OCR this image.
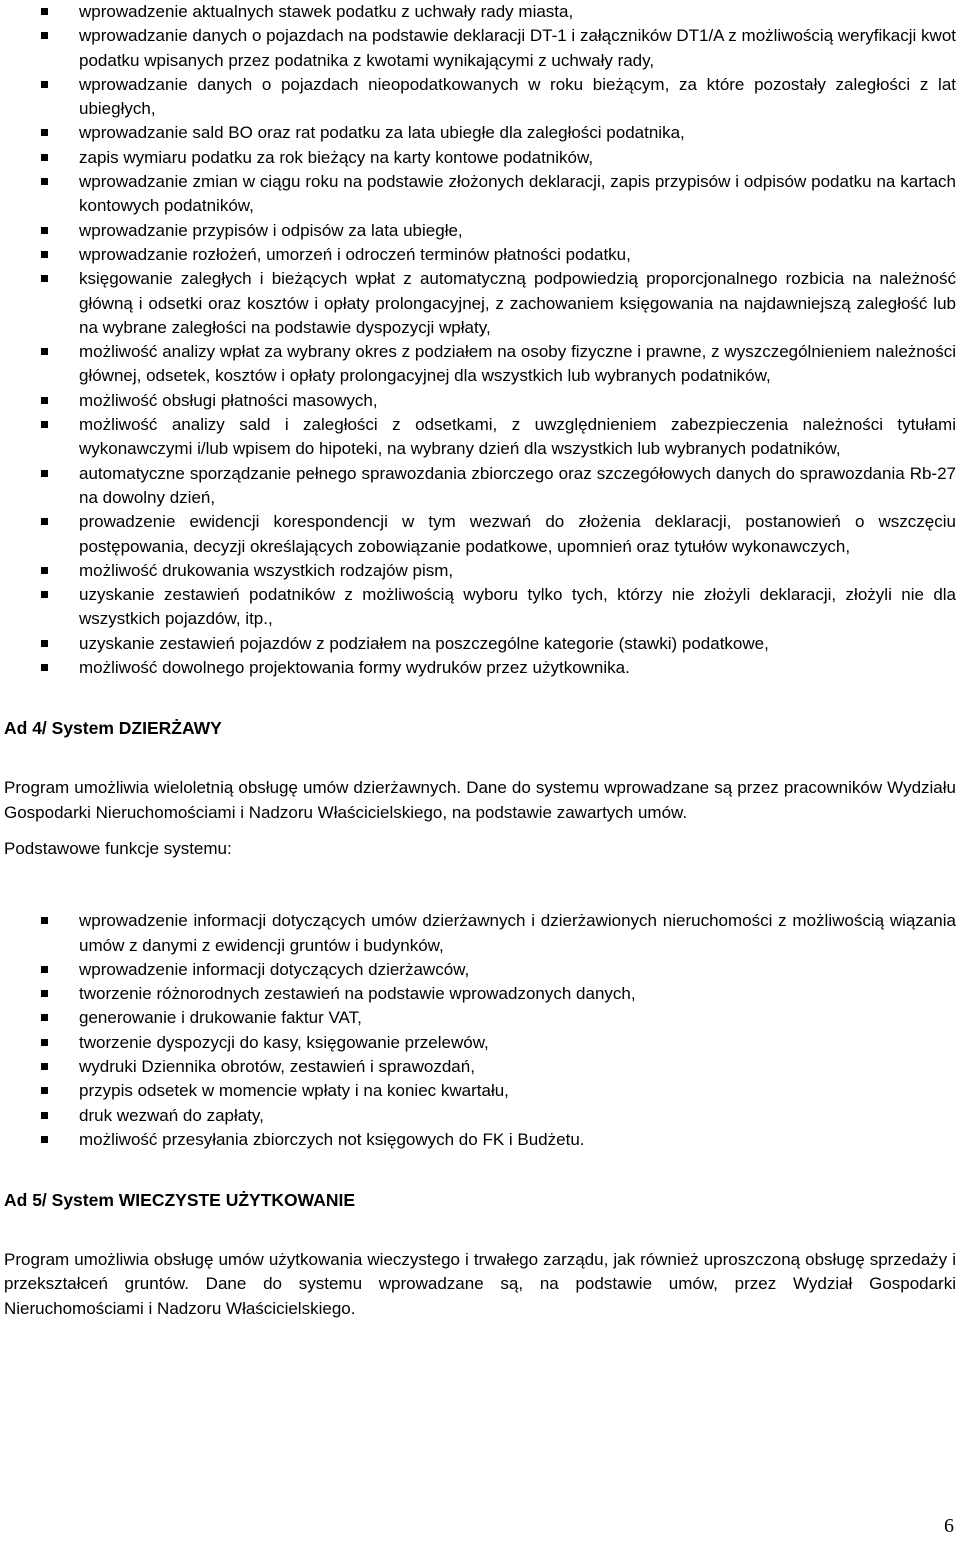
wprowadzenie aktualnych stawek podatku z uchwały rady miasta,
wprowadzanie danych o pojazdach na podstawie deklaracji DT-1 i załączników DT1/A z możliwością weryfikacji kwot podatku wpisanych przez podatnika z kwotami wynikającymi z uchwały rady,
wprowadzanie danych o pojazdach nieopodatkowanych w roku bieżącym, za które pozostały zaległości z lat ubiegłych,
wprowadzanie sald BO oraz rat podatku za lata ubiegłe dla zaległości podatnika,
zapis wymiaru podatku za rok bieżący na karty kontowe podatników,
wprowadzanie zmian w ciągu roku na podstawie złożonych deklaracji, zapis przypisów i odpisów podatku na kartach kontowych podatników,
wprowadzanie przypisów i odpisów za lata ubiegłe,
wprowadzanie rozłożeń, umorzeń i odroczeń terminów płatności podatku,
księgowanie zaległych i bieżących wpłat z automatyczną podpowiedzią proporcjonalnego rozbicia na należność główną i odsetki oraz kosztów i opłaty prolongacyjnej, z zachowaniem księgowania na najdawniejszą zaległość lub na wybrane zaległości na podstawie dyspozycji wpłaty,
możliwość analizy wpłat za wybrany okres z podziałem na osoby fizyczne i prawne, z wyszczególnieniem należności głównej, odsetek, kosztów i opłaty prolongacyjnej dla wszystkich lub wybranych podatników,
możliwość obsługi płatności masowych,
możliwość analizy sald i zaległości z odsetkami, z uwzględnieniem zabezpieczenia należności tytułami wykonawczymi i/lub wpisem do hipoteki, na wybrany dzień dla wszystkich lub wybranych podatników,
automatyczne sporządzanie pełnego sprawozdania zbiorczego oraz szczegółowych danych do sprawozdania Rb-27 na dowolny dzień,
prowadzenie ewidencji korespondencji w tym wezwań do złożenia deklaracji, postanowień o wszczęciu postępowania, decyzji określających zobowiązanie podatkowe, upomnień oraz tytułów wykonawczych,
możliwość drukowania wszystkich rodzajów pism,
uzyskanie zestawień podatników z możliwością wyboru tylko tych, którzy nie złożyli deklaracji, złożyli nie dla wszystkich pojazdów, itp.,
uzyskanie zestawień pojazdów z podziałem na poszczególne kategorie (stawki) podatkowe,
możliwość dowolnego projektowania formy wydruków przez użytkownika.

Ad 4/ System DZIERŻAWY

Program umożliwia wieloletnią obsługę umów dzierżawnych. Dane do systemu wprowadzane są przez pracowników Wydziału Gospodarki Nieruchomościami i Nadzoru Właścicielskiego, na podstawie zawartych umów.

Podstawowe funkcje systemu:

wprowadzenie informacji dotyczących umów dzierżawnych i dzierżawionych nieruchomości z możliwością wiązania umów z danymi z ewidencji gruntów i budynków,
wprowadzenie informacji dotyczących dzierżawców,
tworzenie różnorodnych zestawień na podstawie wprowadzonych danych,
generowanie i drukowanie faktur VAT,
tworzenie dyspozycji do kasy, księgowanie przelewów,
wydruki Dziennika obrotów, zestawień i sprawozdań,
przypis odsetek w momencie wpłaty i na koniec kwartału,
druk wezwań do zapłaty,
możliwość przesyłania zbiorczych not księgowych do FK i Budżetu.

Ad 5/ System WIECZYSTE UŻYTKOWANIE

Program umożliwia obsługę umów użytkowania wieczystego i trwałego zarządu, jak również uproszczoną obsługę sprzedaży i przekształceń gruntów. Dane do systemu wprowadzane są, na podstawie umów, przez Wydział Gospodarki Nieruchomościami i Nadzoru Właścicielskiego.

6
